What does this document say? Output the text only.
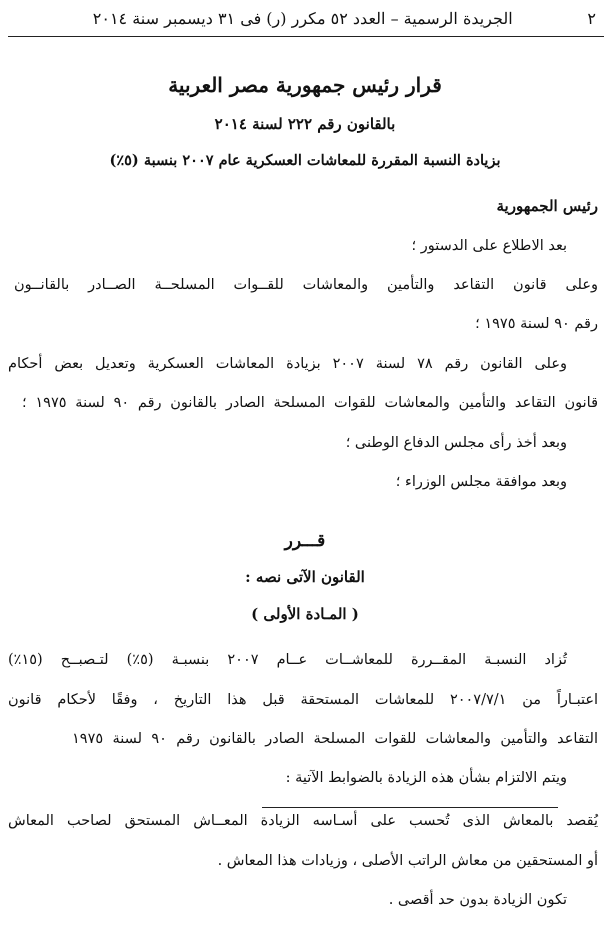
٢
الجريدة الرسمية – العدد ٥٢ مكرر (ر) فى ٣١ ديسمبر سنة ٢٠١٤
قرار رئيس جمهورية مصر العربية
بالقانون رقم ٢٢٢ لسنة ٢٠١٤
بزيادة النسبة المقررة للمعاشات العسكرية عام ٢٠٠٧ بنسبة (٥٪)
رئيس الجمهورية
بعد الاطلاع على الدستور ؛
وعلى قانون التقاعد والتأمين والمعاشات للقــوات المسلحــة الصــادر بالقانــون
رقم ٩٠ لسنة ١٩٧٥ ؛
وعلى القانون رقم ٧٨ لسنة ٢٠٠٧ بزيادة المعاشات العسكرية وتعديل بعض أحكام
قانون التقاعد والتأمين والمعاشات للقوات المسلحة الصادر بالقانون رقم ٩٠ لسنة ١٩٧٥ ؛
وبعد أخذ رأى مجلس الدفاع الوطنى ؛
وبعد موافقة مجلس الوزراء ؛
قـــرر
القانون الآتى نصه :
( المـادة الأولى )
تُزاد النسبـة المقــررة للمعاشــات عــام ٢٠٠٧ بنسبـة (٥٪) لتـصبــح (١٥٪)
اعتبـاراً من ٢٠٠٧/٧/١ للمعاشات المستحقة قبل هذا التاريخ ، وفقًا لأحكام قانون
التقاعد والتأمين والمعاشات للقوات المسلحة الصادر بالقانون رقم ٩٠ لسنة ١٩٧٥
ويتم الالتزام بشأن هذه الزيادة بالضوابط الآتية :
يُقصد بالمعاش الذى تُحسب على أسـاسه الزيادة المعــاش المستحق لصاحب المعاش
أو المستحقين من معاش الراتب الأصلى ، وزيادات هذا المعاش .
تكون الزيادة بدون حد أقصى .
